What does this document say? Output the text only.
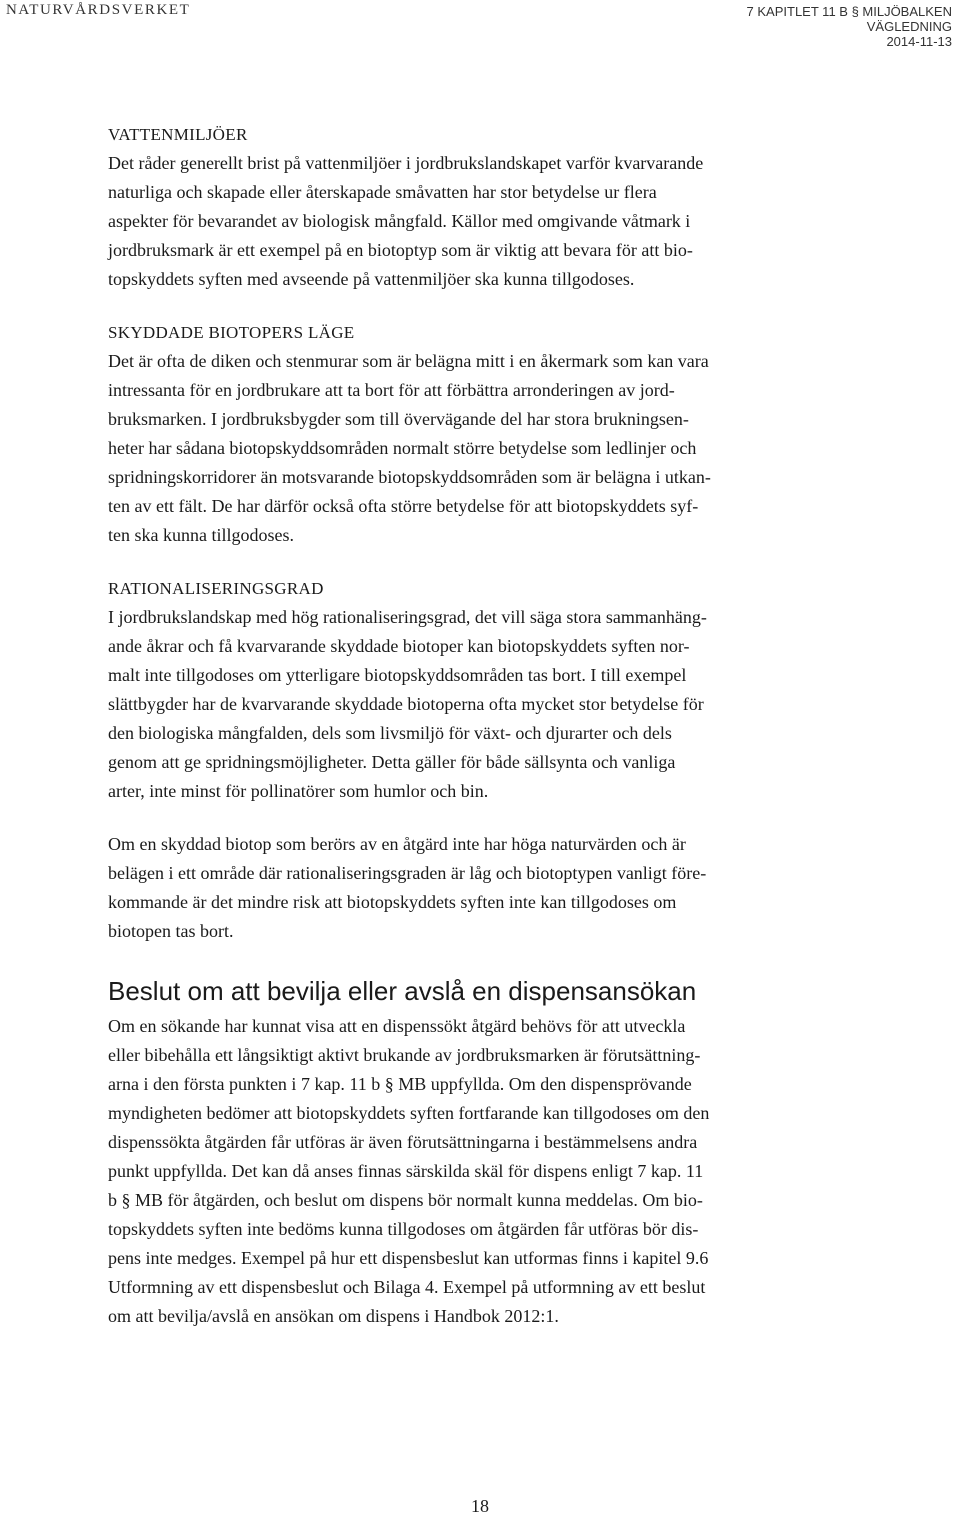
NATURVÅRDSVERKET	7 KAPITLET 11 B § MILJÖBALKEN
VÄGLEDNING
2014-11-13
VATTENMILJÖER
Det råder generellt brist på vattenmiljöer i jordbrukslandskapet varför kvarvarande
naturliga och skapade eller återskapade småvatten har stor betydelse ur flera
aspekter för bevarandet av biologisk mångfald. Källor med omgivande våtmark i
jordbruksmark är ett exempel på en biotoptyp som är viktig att bevara för att bio-
topskyddets syften med avseende på vattenmiljöer ska kunna tillgodoses.
SKYDDADE BIOTOPERS LÄGE
Det är ofta de diken och stenmurar som är belägna mitt i en åkermark som kan vara
intressanta för en jordbrukare att ta bort för att förbättra arronderingen av jord-
bruksmarken. I jordbruksbygder som till övervägande del har stora brukningsen-
heter har sådana biotopskyddsområden normalt större betydelse som ledlinjer och
spridningskorridorer än motsvarande biotopskyddsområden som är belägna i utkan-
ten av ett fält. De har därför också ofta större betydelse för att biotopskyddets syf-
ten ska kunna tillgodoses.
RATIONALISERINGSGRAD
I jordbrukslandskap med hög rationaliseringsgrad, det vill säga stora sammanhäng-
ande åkrar och få kvarvarande skyddade biotoper kan biotopskyddets syften nor-
malt inte tillgodoses om ytterligare biotopskyddsområden tas bort. I till exempel
slättbygder har de kvarvarande skyddade biotoperna ofta mycket stor betydelse för
den biologiska mångfalden, dels som livsmiljö för växt- och djurarter och dels
genom att ge spridningsmöjligheter. Detta gäller för både sällsynta och vanliga
arter, inte minst för pollinatörer som humlor och bin.
Om en skyddad biotop som berörs av en åtgärd inte har höga naturvärden och är
belägen i ett område där rationaliseringsgraden är låg och biotoptypen vanligt före-
kommande är det mindre risk att biotopskyddets syften inte kan tillgodoses om
biotopen tas bort.
Beslut om att bevilja eller avslå en dispensansökan
Om en sökande har kunnat visa att en dispenssökt åtgärd behövs för att utveckla
eller bibehålla ett långsiktigt aktivt brukande av jordbruksmarken är förutsättning-
arna i den första punkten i 7 kap. 11 b § MB uppfyllda. Om den dispensprövande
myndigheten bedömer att biotopskyddets syften fortfarande kan tillgodoses om den
dispenssökta åtgärden får utföras är även förutsättningarna i bestämmelsens andra
punkt uppfyllda. Det kan då anses finnas särskilda skäl för dispens enligt 7 kap. 11
b § MB för åtgärden, och beslut om dispens bör normalt kunna meddelas. Om bio-
topskyddets syften inte bedöms kunna tillgodoses om åtgärden får utföras bör dis-
pens inte medges. Exempel på hur ett dispensbeslut kan utformas finns i kapitel 9.6
Utformning av ett dispensbeslut och Bilaga 4. Exempel på utformning av ett beslut
om att bevilja/avslå en ansökan om dispens i Handbok 2012:1.
18
